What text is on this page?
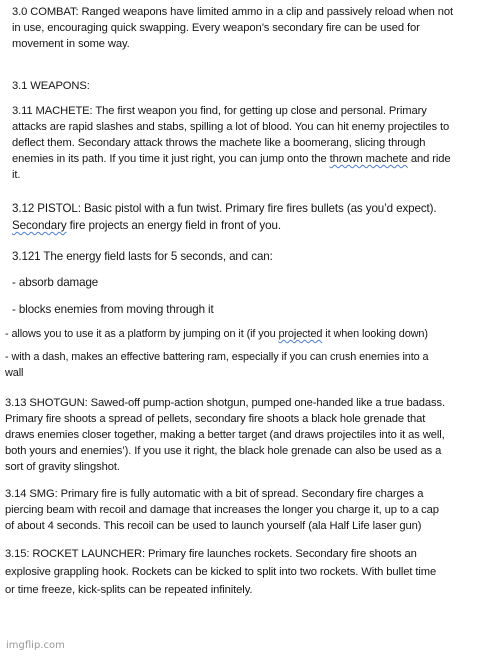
3.0 COMBAT: Ranged weapons have limited ammo in a clip and passively reload when not
in use, encouraging quick swapping. Every weapon’s secondary fire can be used for
movement in some way.
3.1 WEAPONS:
3.11 MACHETE: The first weapon you find, for getting up close and personal. Primary
attacks are rapid slashes and stabs, spilling a lot of blood. You can hit enemy projectiles to
deflect them. Secondary attack throws the machete like a boomerang, slicing through
enemies in its path. If you time it just right, you can jump onto the thrown machete and ride
it.
3.12 PISTOL: Basic pistol with a fun twist. Primary fire fires bullets (as you’d expect).
Secondary fire projects an energy field in front of you.
3.121 The energy field lasts for 5 seconds, and can:
- absorb damage
- blocks enemies from moving through it
- allows you to use it as a platform by jumping on it (if you projected it when looking down)
- with a dash, makes an effective battering ram, especially if you can crush enemies into a
wall
3.13 SHOTGUN: Sawed-off pump-action shotgun, pumped one-handed like a true badass.
Primary fire shoots a spread of pellets, secondary fire shoots a black hole grenade that
draws enemies closer together, making a better target (and draws projectiles into it as well,
both yours and enemies’). If you use it right, the black hole grenade can also be used as a
sort of gravity slingshot.
3.14 SMG: Primary fire is fully automatic with a bit of spread. Secondary fire charges a
piercing beam with recoil and damage that increases the longer you charge it, up to a cap
of about 4 seconds. This recoil can be used to launch yourself (ala Half Life laser gun)
3.15: ROCKET LAUNCHER: Primary fire launches rockets. Secondary fire shoots an
explosive grappling hook. Rockets can be kicked to split into two rockets. With bullet time
or time freeze, kick-splits can be repeated infinitely.
imgflip.com
